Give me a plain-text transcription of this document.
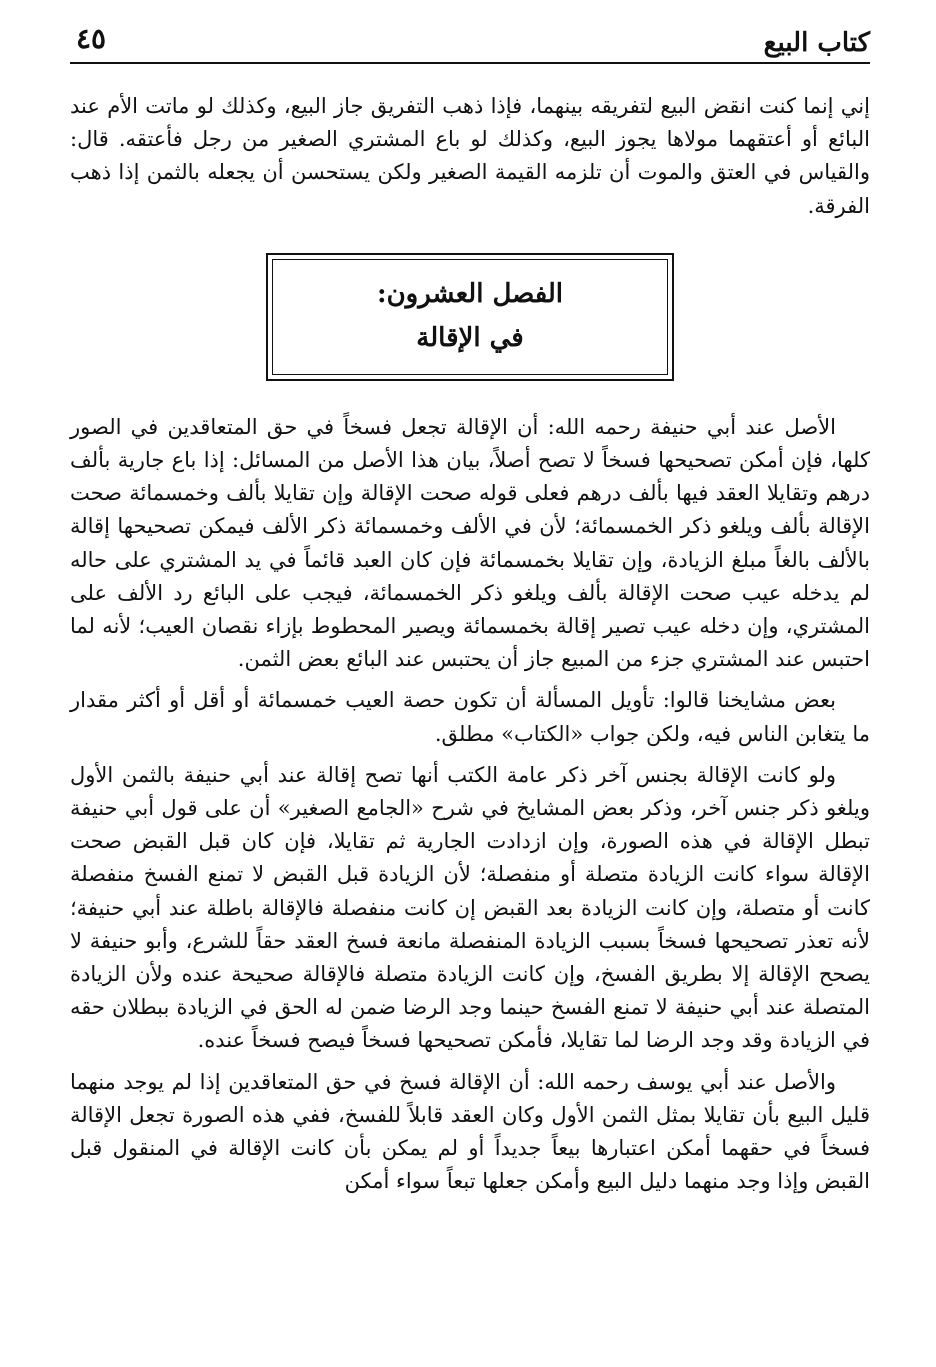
كتاب البيع
٤٥

إني إنما كنت انقض البيع لتفريقه بينهما، فإذا ذهب التفريق جاز البيع، وكذلك لو ماتت الأم عند البائع أو أعتقهما مولاها يجوز البيع، وكذلك لو باع المشتري الصغير من رجل فأعتقه. قال: والقياس في العتق والموت أن تلزمه القيمة الصغير ولكن يستحسن أن يجعله بالثمن إذا ذهب الفرقة.

الفصل العشرون:
في الإقالة

الأصل عند أبي حنيفة رحمه الله: أن الإقالة تجعل فسخاً في حق المتعاقدين في الصور كلها، فإن أمكن تصحيحها فسخاً لا تصح أصلاً، بيان هذا الأصل من المسائل: إذا باع جارية بألف درهم وتقايلا العقد فيها بألف درهم فعلى قوله صحت الإقالة وإن تقايلا بألف وخمسمائة صحت الإقالة بألف ويلغو ذكر الخمسمائة؛ لأن في الألف وخمسمائة ذكر الألف فيمكن تصحيحها إقالة بالألف بالغاً مبلغ الزيادة، وإن تقايلا بخمسمائة فإن كان العبد قائماً في يد المشتري على حاله لم يدخله عيب صحت الإقالة بألف ويلغو ذكر الخمسمائة، فيجب على البائع رد الألف على المشتري، وإن دخله عيب تصير إقالة بخمسمائة ويصير المحطوط بإزاء نقصان العيب؛ لأنه لما احتبس عند المشتري جزء من المبيع جاز أن يحتبس عند البائع بعض الثمن.

بعض مشايخنا قالوا: تأويل المسألة أن تكون حصة العيب خمسمائة أو أقل أو أكثر مقدار ما يتغابن الناس فيه، ولكن جواب «الكتاب» مطلق.

ولو كانت الإقالة بجنس آخر ذكر عامة الكتب أنها تصح إقالة عند أبي حنيفة بالثمن الأول ويلغو ذكر جنس آخر، وذكر بعض المشايخ في شرح «الجامع الصغير» أن على قول أبي حنيفة تبطل الإقالة في هذه الصورة، وإن ازدادت الجارية ثم تقايلا، فإن كان قبل القبض صحت الإقالة سواء كانت الزيادة متصلة أو منفصلة؛ لأن الزيادة قبل القبض لا تمنع الفسخ منفصلة كانت أو متصلة، وإن كانت الزيادة بعد القبض إن كانت منفصلة فالإقالة باطلة عند أبي حنيفة؛ لأنه تعذر تصحيحها فسخاً بسبب الزيادة المنفصلة مانعة فسخ العقد حقاً للشرع، وأبو حنيفة لا يصحح الإقالة إلا بطريق الفسخ، وإن كانت الزيادة متصلة فالإقالة صحيحة عنده ولأن الزيادة المتصلة عند أبي حنيفة لا تمنع الفسخ حينما وجد الرضا ضمن له الحق في الزيادة ببطلان حقه في الزيادة وقد وجد الرضا لما تقايلا، فأمكن تصحيحها فسخاً فيصح فسخاً عنده.

والأصل عند أبي يوسف رحمه الله: أن الإقالة فسخ في حق المتعاقدين إذا لم يوجد منهما قليل البيع بأن تقايلا بمثل الثمن الأول وكان العقد قابلاً للفسخ، ففي هذه الصورة تجعل الإقالة فسخاً في حقهما أمكن اعتبارها بيعاً جديداً أو لم يمكن بأن كانت الإقالة في المنقول قبل القبض وإذا وجد منهما دليل البيع وأمكن جعلها تبعاً سواء أمكن
